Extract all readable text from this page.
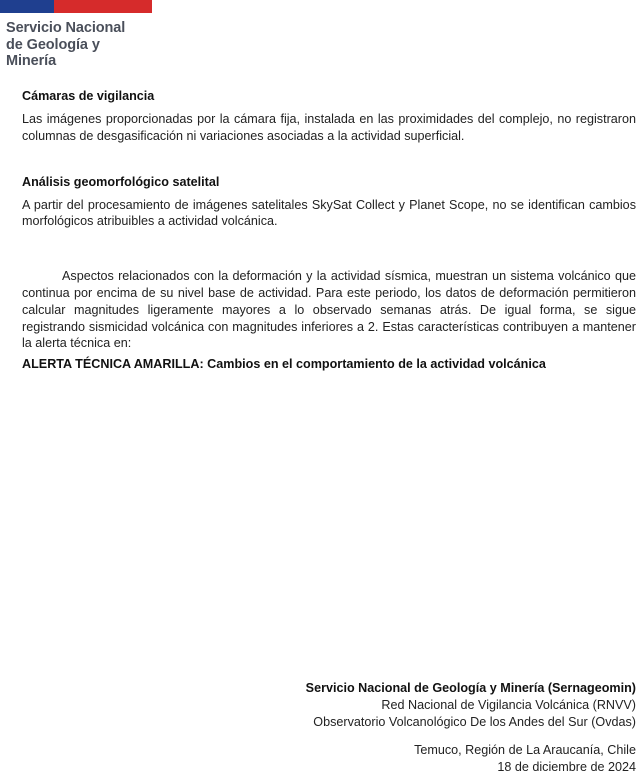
Servicio Nacional
de Geología y
Minería
Cámaras de vigilancia

Las imágenes proporcionadas por la cámara fija, instalada en las proximidades del complejo, no registraron columnas de desgasificación ni variaciones asociadas a la actividad superficial.

Análisis geomorfológico satelital

A partir del procesamiento de imágenes satelitales SkySat Collect y Planet Scope, no se identifican cambios morfológicos atribuibles a actividad volcánica.

Aspectos relacionados con la deformación y la actividad sísmica, muestran un sistema volcánico que continua por encima de su nivel base de actividad. Para este periodo, los datos de deformación permitieron calcular magnitudes ligeramente mayores a lo observado semanas atrás. De igual forma, se sigue registrando sismicidad volcánica con magnitudes inferiores a 2. Estas características contribuyen a mantener la alerta técnica en:

ALERTA TÉCNICA AMARILLA: Cambios en el comportamiento de la actividad volcánica
Servicio Nacional de Geología y Minería (Sernageomin)
Red Nacional de Vigilancia Volcánica (RNVV)
Observatorio Volcanológico De los Andes del Sur (Ovdas)
Temuco, Región de La Araucanía, Chile
18 de diciembre de 2024
